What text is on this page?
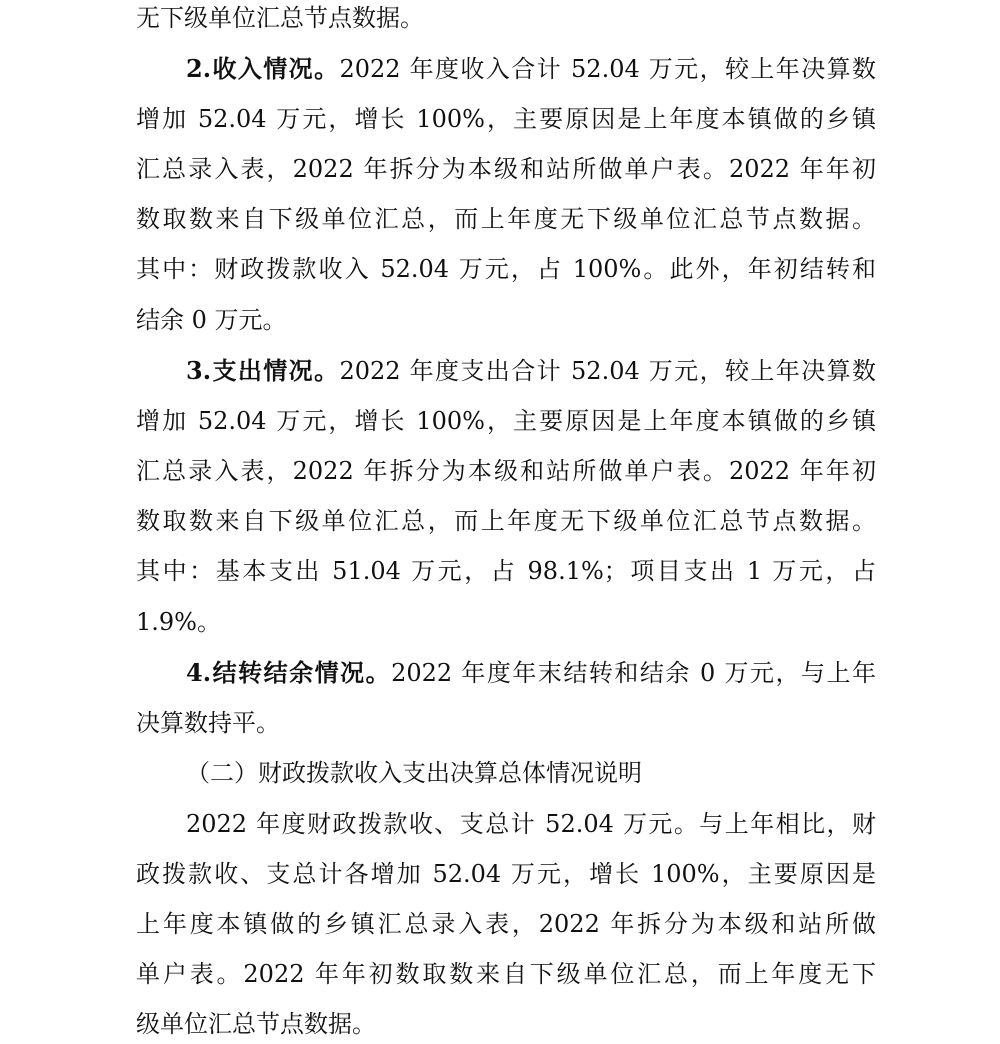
无下级单位汇总节点数据。
2.收入情况。2022 年度收入合计 52.04 万元，较上年决算数
增加 52.04 万元，增长 100%，主要原因是上年度本镇做的乡镇
汇总录入表，2022 年拆分为本级和站所做单户表。2022 年年初
数取数来自下级单位汇总，而上年度无下级单位汇总节点数据。
其中：财政拨款收入 52.04 万元，占 100%。此外，年初结转和
结余 0 万元。
3.支出情况。2022 年度支出合计 52.04 万元，较上年决算数
增加 52.04 万元，增长 100%，主要原因是上年度本镇做的乡镇
汇总录入表，2022 年拆分为本级和站所做单户表。2022 年年初
数取数来自下级单位汇总，而上年度无下级单位汇总节点数据。
其中：基本支出 51.04 万元，占 98.1%；项目支出 1 万元，占
1.9%。
4.结转结余情况。2022 年度年末结转和结余 0 万元，与上年
决算数持平。
（二）财政拨款收入支出决算总体情况说明
2022 年度财政拨款收、支总计 52.04 万元。与上年相比，财
政拨款收、支总计各增加 52.04 万元，增长 100%，主要原因是
上年度本镇做的乡镇汇总录入表，2022 年拆分为本级和站所做
单户表。2022 年年初数取数来自下级单位汇总，而上年度无下
级单位汇总节点数据。
